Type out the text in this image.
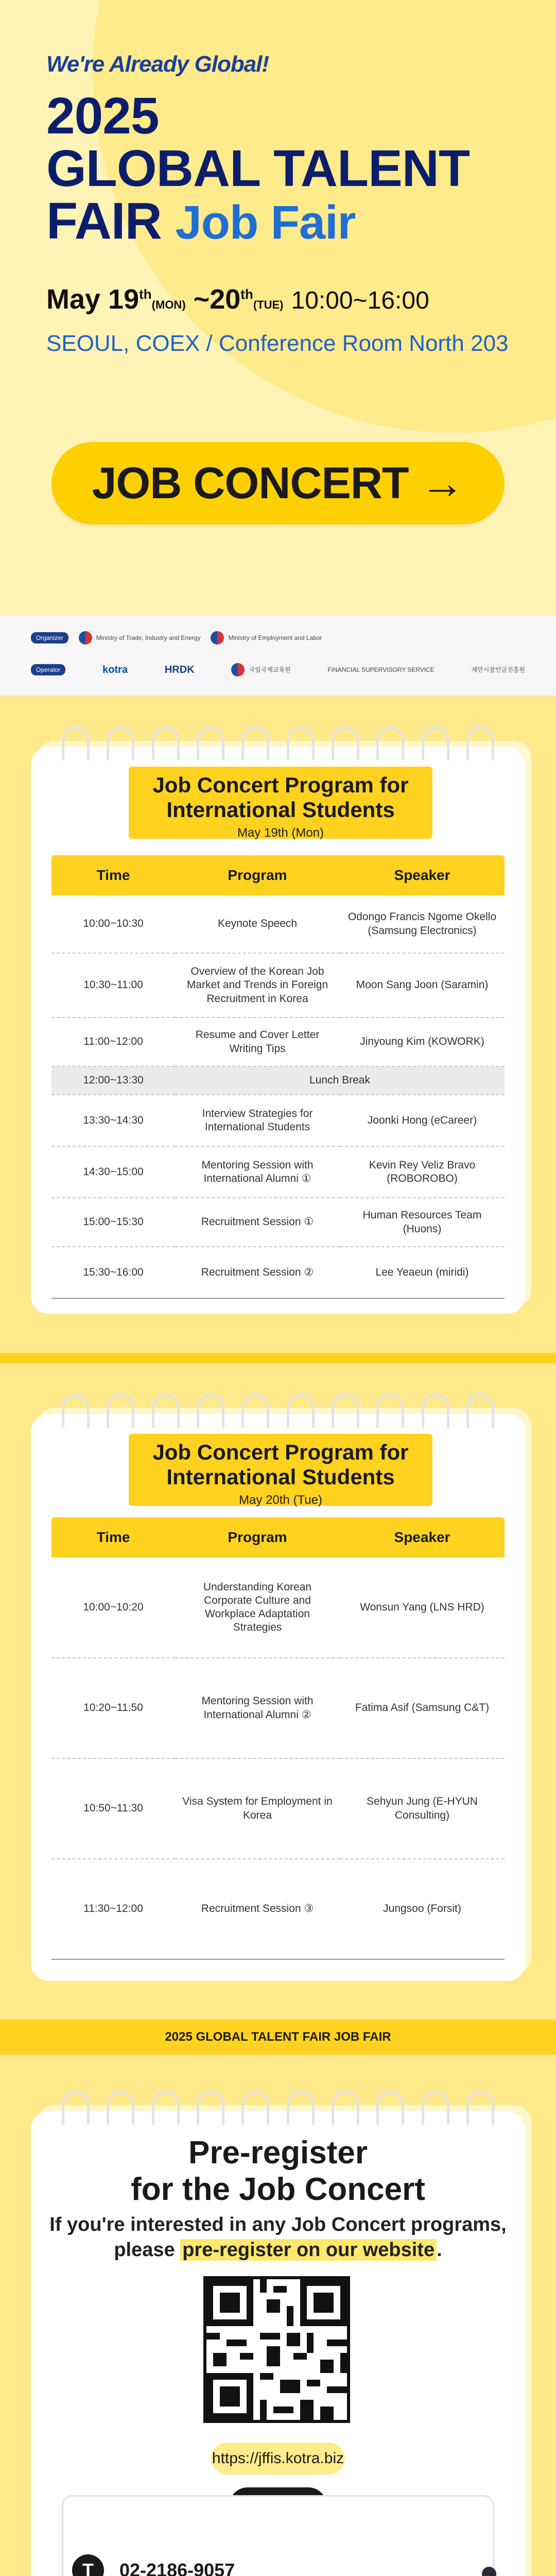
We're Already Global!
2025
GLOBAL TALENT
FAIR Job Fair
May 19th(MON) ~20th(TUE) 10:00~16:00
SEOUL, COEX / Conference Room North 203
JOB CONCERT →
Organizer	Ministry of Trade, Industry and Energy	Ministry of Employment and Labor
Operator	kotra	HRDK	국립국제교육원	FINANCIAL SUPERVISORY SERVICE	재만시참인글진흥원
Job Concert Program for International Students
May 19th (Mon)
Time	Program	Speaker
10:00~10:30	Keynote Speech	Odongo Francis Ngome Okello (Samsung Electronics)
10:30~11:00	Overview of the Korean Job Market and Trends in Foreign Recruitment in Korea	Moon Sang Joon (Saramin)
11:00~12:00	Resume and Cover Letter Writing Tips	Jinyoung Kim (KOWORK)
12:00~13:30	Lunch Break	
13:30~14:30	Interview Strategies for International Students	Joonki Hong (eCareer)
14:30~15:00	Mentoring Session with International Alumni ①	Kevin Rey Veliz Bravo (ROBOROBO)
15:00~15:30	Recruitment Session ①	Human Resources Team (Huons)
15:30~16:00	Recruitment Session ②	Lee Yeaeun (miridi)
Job Concert Program for International Students
May 20th (Tue)
Time	Program	Speaker
10:00~10:20	Understanding Korean Corporate Culture and Workplace Adaptation Strategies	Wonsun Yang (LNS HRD)
10:20~11:50	Mentoring Session with International Alumni ②	Fatima Asif (Samsung C&T)
10:50~11:30	Visa System for Employment in Korea	Sehyun Jung (E-HYUN Consulting)
11:30~12:00	Recruitment Session ③	Jungsoo (Forsit)
2025 GLOBAL TALENT FAIR JOB FAIR
Pre-register
for the Job Concert
If you're interested in any Job Concert programs,
please pre-register on our website .
https://jffis.kotra.biz
T	02-2186-9057
